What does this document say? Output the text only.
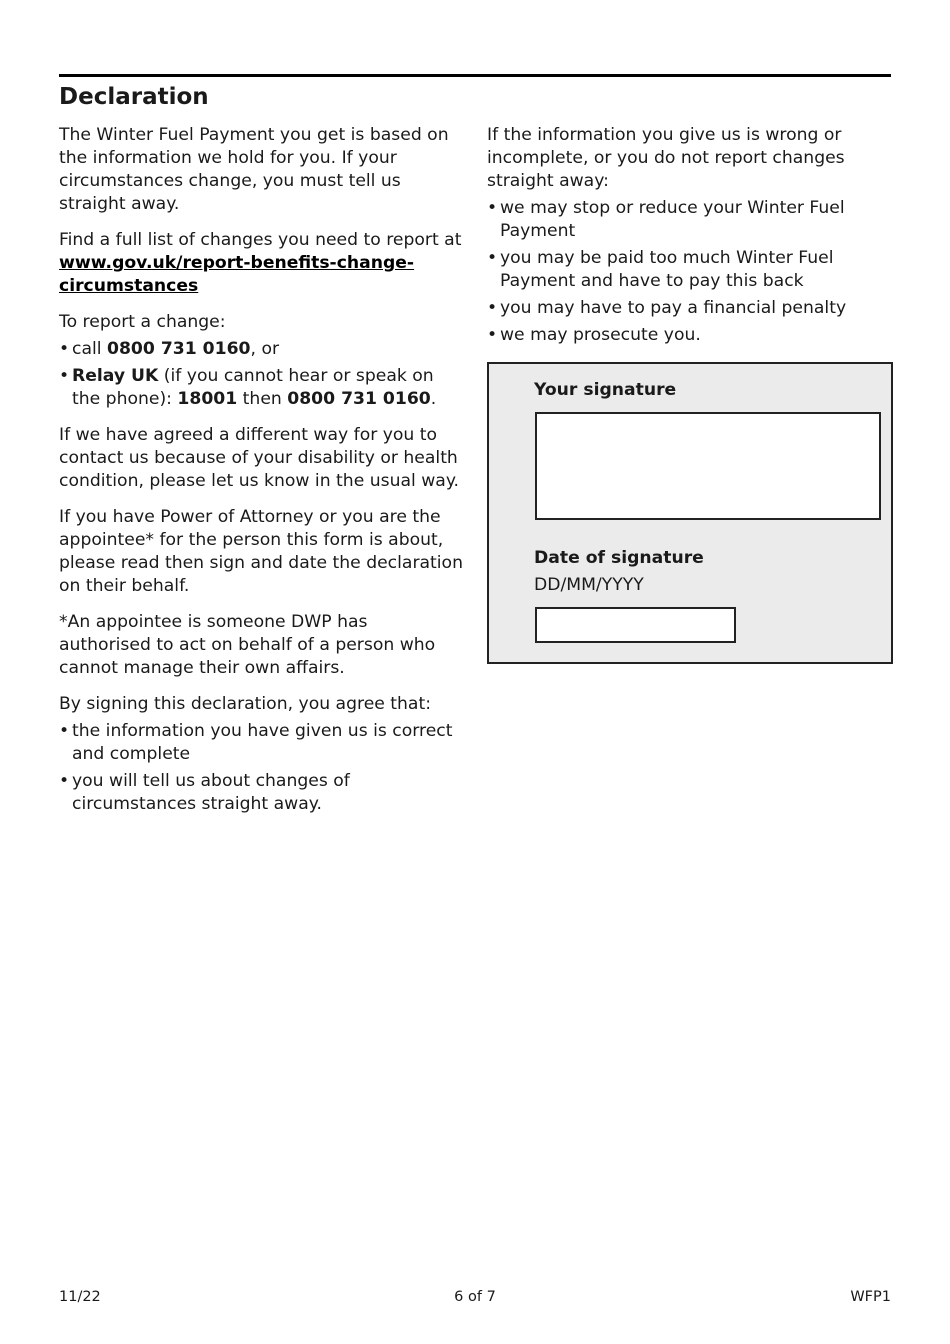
Declaration

The Winter Fuel Payment you get is based on the information we hold for you. If your circumstances change, you must tell us straight away.

Find a full list of changes you need to report at www.gov.uk/report-benefits-change-circumstances

To report a change:

• call 0800 731 0160, or
• Relay UK (if you cannot hear or speak on the phone): 18001 then 0800 731 0160.

If we have agreed a different way for you to contact us because of your disability or health condition, please let us know in the usual way.

If you have Power of Attorney or you are the appointee* for the person this form is about, please read then sign and date the declaration on their behalf.

*An appointee is someone DWP has authorised to act on behalf of a person who cannot manage their own affairs.

By signing this declaration, you agree that:

• the information you have given us is correct and complete
• you will tell us about changes of circumstances straight away.

If the information you give us is wrong or incomplete, or you do not report changes straight away:

• we may stop or reduce your Winter Fuel Payment
• you may be paid too much Winter Fuel Payment and have to pay this back
• you may have to pay a financial penalty
• we may prosecute you.
Your signature
Date of signature
DD/MM/YYYY
11/22	6 of 7	WFP1
